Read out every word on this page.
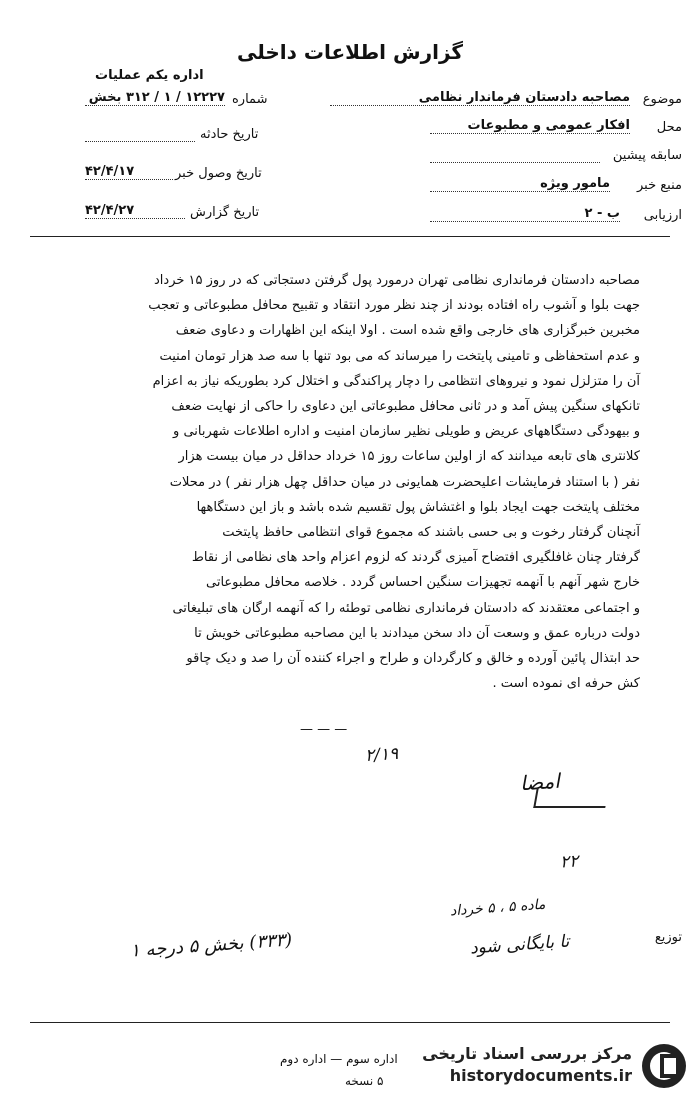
گزارش اطلاعات داخلی
موضوع
مصاحبه دادستان فرماندار نظامی
محل
افکار عمومی و مطبوعات
سابقه پیشین
منبع خبر
مامور ویژه
ارزیابی
ب - ۲
اداره یکم عملیات
شماره
۱۲۲۲۷ / ۱ / ۳۱۲ بخش
تاریخ حادثه
تاریخ وصول خبر
۴۲/۴/۱۷
تاریخ گزارش
۴۲/۴/۲۷

مصاحبه دادستان فرمانداری نظامی تهران درمورد پول گرفتن دستجاتی که در روز ۱۵ خرداد

جهت بلوا و آشوب راه افتاده بودند از چند نظر مورد انتقاد و تقبیح محافل مطبوعاتی و تعجب

مخبرین خبرگزاری های خارجی واقع شده است . اولا اینکه این اظهارات و دعاوی ضعف

و عدم استحفاظی و تامینی پایتخت را میرساند که می بود تنها با سه صد هزار تومان امنیت

آن را متزلزل نمود و نیروهای انتظامی را دچار پراکندگی و اختلال کرد بطوریکه نیاز به اعزام

تانکهای سنگین پیش آمد و در ثانی محافل مطبوعاتی این دعاوی را حاکی از نهایت ضعف

و بیهودگی دستگاههای عریض و طویلی نظیر سازمان امنیت و اداره اطلاعات شهربانی و

کلانتری های تابعه میدانند که از اولین ساعات روز ۱۵ خرداد حداقل در میان بیست هزار

نفر ( با استناد فرمایشات اعلیحضرت همایونی در میان حداقل چهل هزار نفر ) در محلات

مختلف پایتخت جهت ایجاد بلوا و اغتشاش پول تقسیم شده باشد و باز این دستگاهها

آنچنان گرفتار رخوت و بی حسی باشند که مجموع قوای انتظامی حافظ پایتخت

گرفتار چنان غافلگیری افتضاح آمیزی گردند که لزوم اعزام واحد های نظامی از نقاط

خارج شهر آنهم با آنهمه تجهیزات سنگین احساس گردد . خلاصه محافل مطبوعاتی

و اجتماعی معتقدند که دادستان فرمانداری نظامی توطئه را که آنهمه ارگان های تبلیغاتی

دولت درباره عمق و وسعت آن داد سخن میدادند با این مصاحبه مطبوعاتی خویش تا

حد ابتذال پائین آورده و خالق و کارگردان و طراح و اجراء کننده آن را صد و دیک چاقو

کش حرفه ای نموده است .

— — —
۲/۱۹
امضا
۲۲
ماده ۵ ، ۵ خرداد
تا بایگانی شود
(۳۳۳) بخش ۵ درجه ۱	توزیع
اداره سوم — اداره دوم
۵ نسخه
مرکز بررسی اسناد تاریخی
historydocuments.ir
